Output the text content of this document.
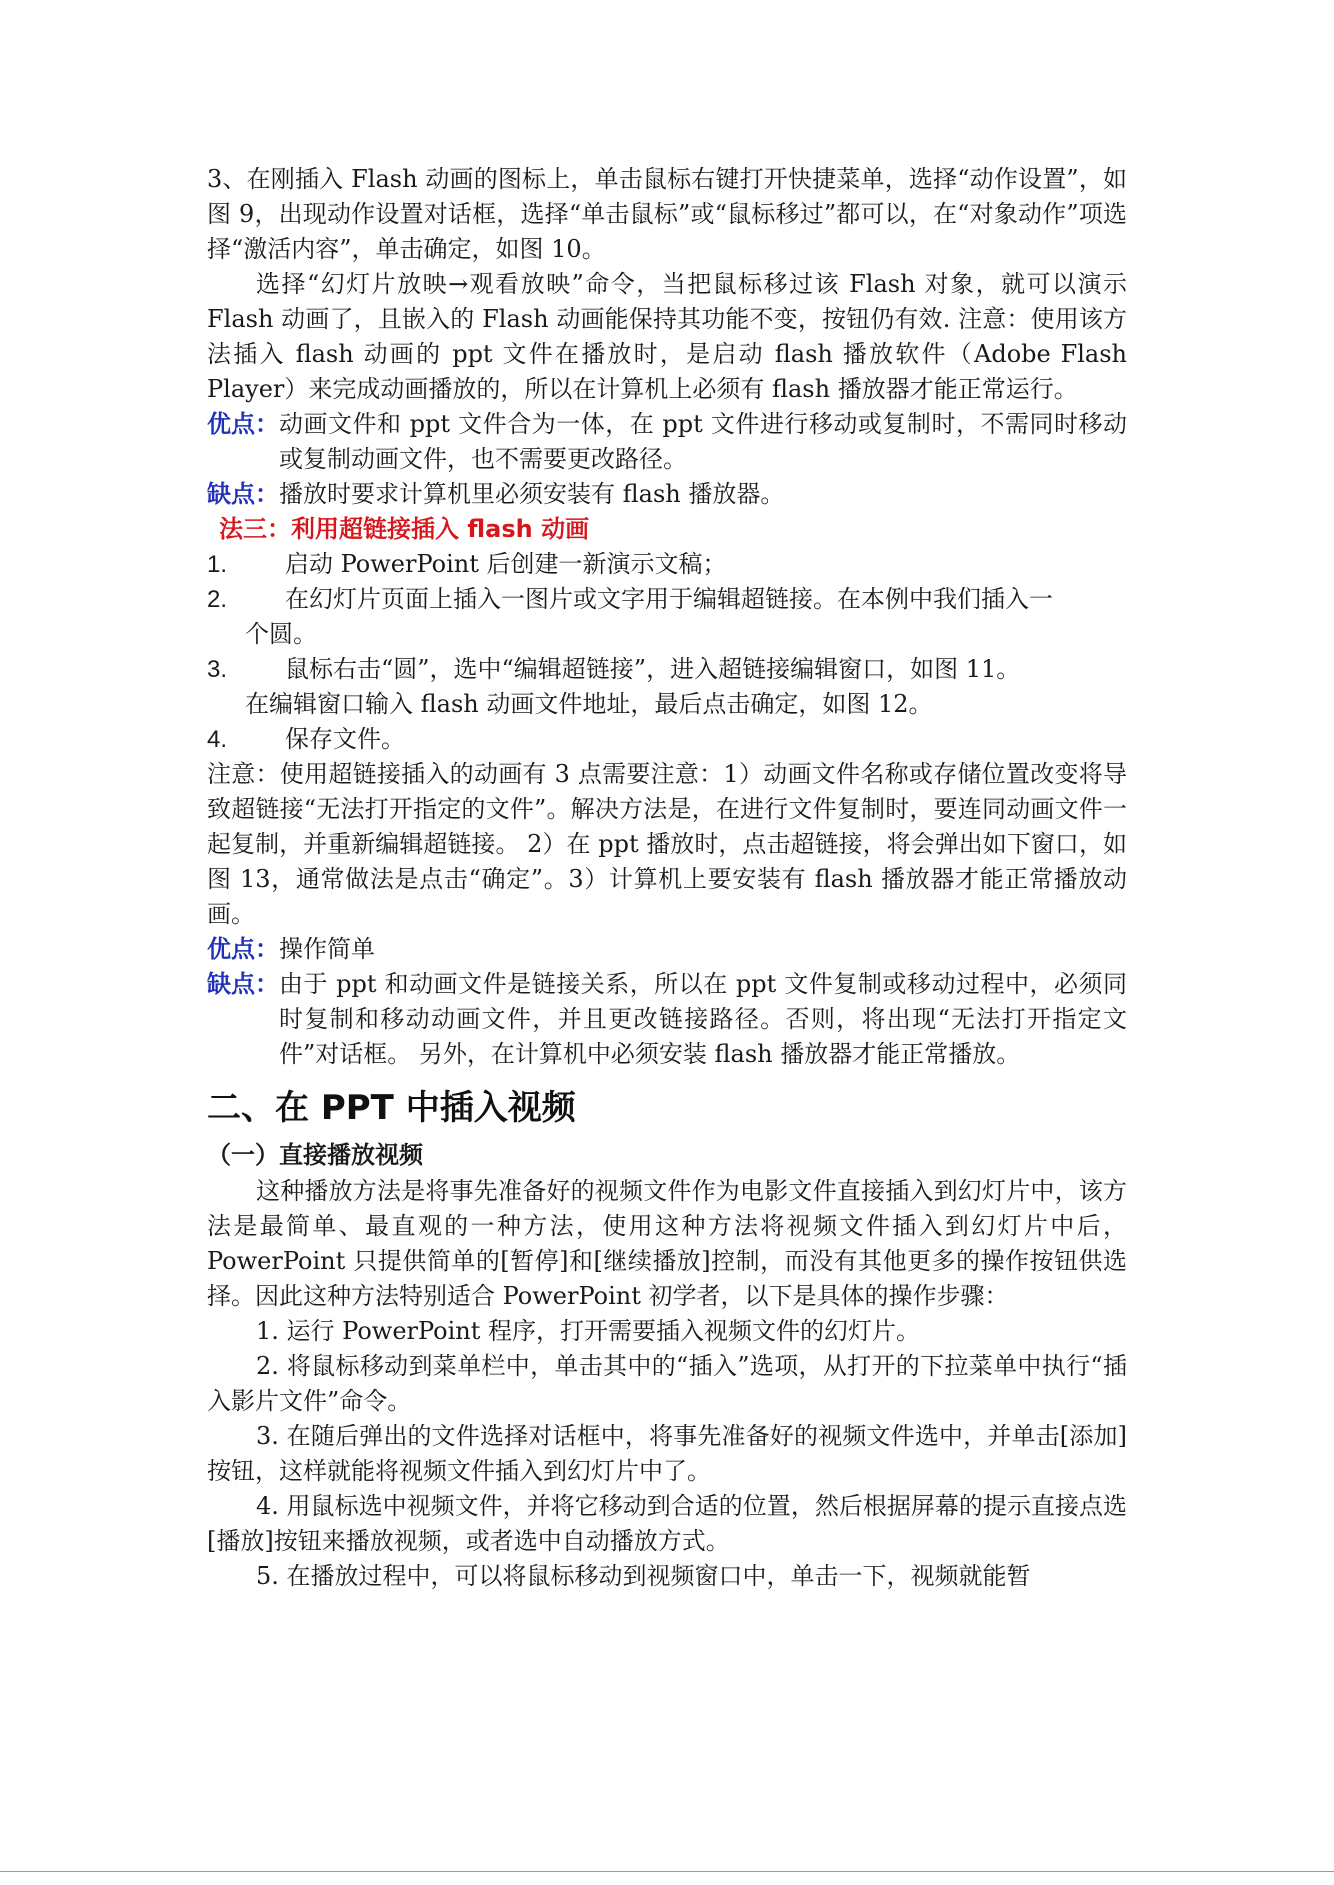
3、在刚插入 Flash 动画的图标上，单击鼠标右键打开快捷菜单，选择“动作设置”，如图 9，出现动作设置对话框，选择“单击鼠标”或“鼠标移过”都可以，在“对象动作”项选择“激活内容”，单击确定，如图 10。

选择“幻灯片放映→观看放映”命令，当把鼠标移过该 Flash 对象，就可以演示 Flash 动画了，且嵌入的 Flash 动画能保持其功能不变，按钮仍有效. 注意：使用该方法插入 flash 动画的 ppt 文件在播放时，是启动 flash 播放软件（Adobe Flash Player）来完成动画播放的，所以在计算机上必须有 flash 播放器才能正常运行。

优点： 动画文件和 ppt 文件合为一体，在 ppt 文件进行移动或复制时，不需同时移动或复制动画文件，也不需要更改路径。
缺点： 播放时要求计算机里必须安装有 flash 播放器。

法三：利用超链接插入 flash 动画

1.	启动 PowerPoint 后创建一新演示文稿；
2.	在幻灯片页面上插入一图片或文字用于编辑超链接。在本例中我们插入一

个圆。

3.	鼠标右击“圆”，选中“编辑超链接”，进入超链接编辑窗口，如图 11。

在编辑窗口输入 flash 动画文件地址，最后点击确定，如图 12。

4.	保存文件。

注意：使用超链接插入的动画有 3 点需要注意：1）动画文件名称或存储位置改变将导致超链接“无法打开指定的文件”。解决方法是，在进行文件复制时，要连同动画文件一起复制，并重新编辑超链接。 2）在 ppt 播放时，点击超链接，将会弹出如下窗口，如图 13，通常做法是点击“确定”。3）计算机上要安装有 flash 播放器才能正常播放动画。

优点： 操作简单
缺点： 由于 ppt 和动画文件是链接关系，所以在 ppt 文件复制或移动过程中，必须同时复制和移动动画文件，并且更改链接路径。否则，将出现“无法打开指定文件”对话框。 另外，在计算机中必须安装 flash 播放器才能正常播放。
二、在 PPT 中插入视频
（一）直接播放视频

这种播放方法是将事先准备好的视频文件作为电影文件直接插入到幻灯片中，该方法是最简单、最直观的一种方法，使用这种方法将视频文件插入到幻灯片中后，PowerPoint 只提供简单的[暂停]和[继续播放]控制，而没有其他更多的操作按钮供选择。因此这种方法特别适合 PowerPoint 初学者，以下是具体的操作步骤：

1. 运行 PowerPoint 程序，打开需要插入视频文件的幻灯片。

2. 将鼠标移动到菜单栏中，单击其中的“插入”选项，从打开的下拉菜单中执行“插入影片文件”命令。

3. 在随后弹出的文件选择对话框中，将事先准备好的视频文件选中，并单击[添加]按钮，这样就能将视频文件插入到幻灯片中了。

4. 用鼠标选中视频文件，并将它移动到合适的位置，然后根据屏幕的提示直接点选[播放]按钮来播放视频，或者选中自动播放方式。

5. 在播放过程中，可以将鼠标移动到视频窗口中，单击一下，视频就能暂
